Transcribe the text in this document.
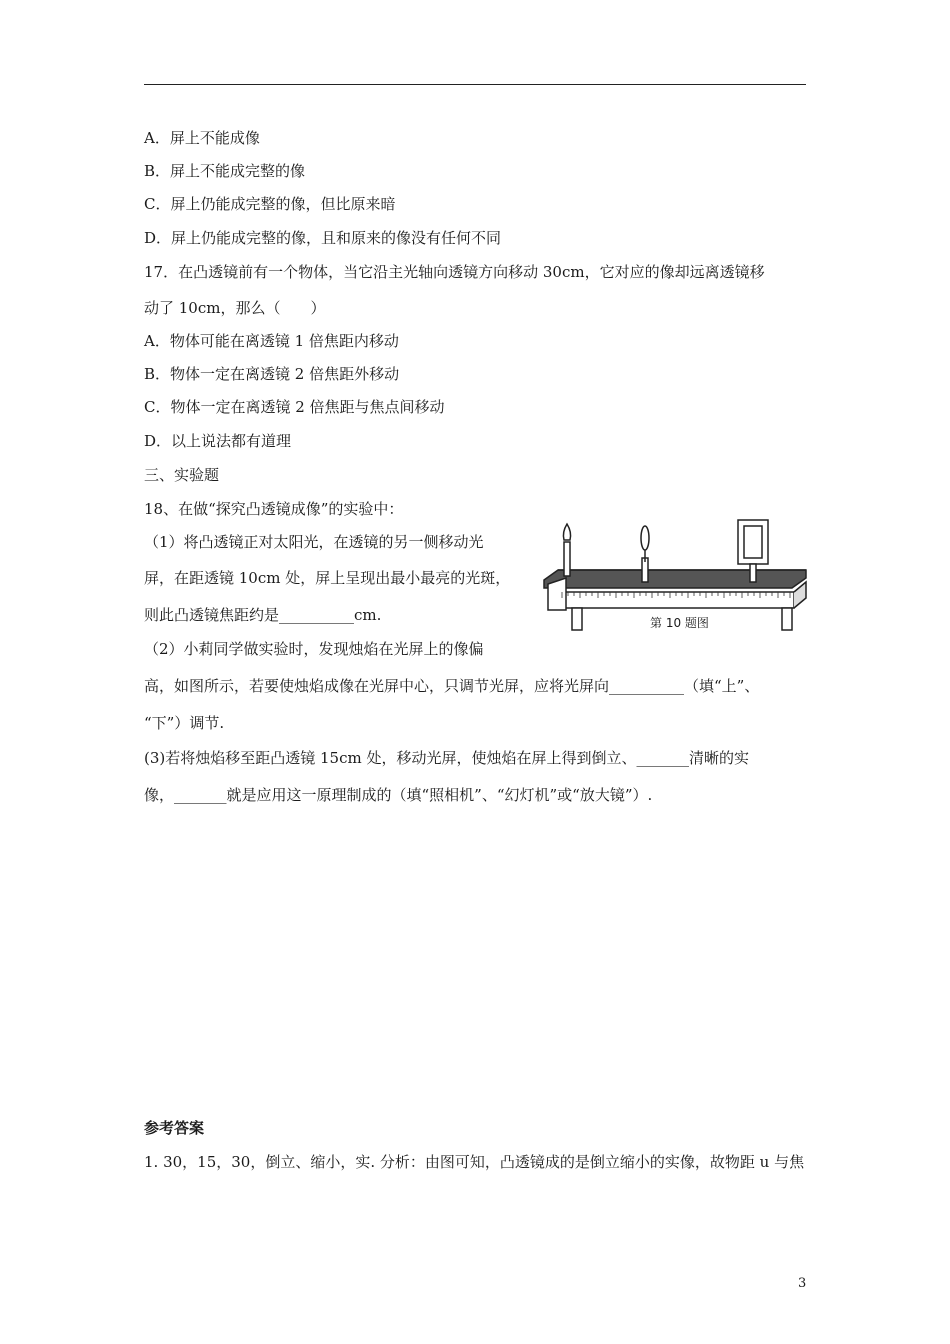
A．屏上不能成像
B．屏上不能成完整的像
C．屏上仍能成完整的像，但比原来暗
D．屏上仍能成完整的像，且和原来的像没有任何不同
17．在凸透镜前有一个物体，当它沿主光轴向透镜方向移动 30cm，它对应的像却远离透镜移
动了 10cm，那么（　　）
A．物体可能在离透镜 1 倍焦距内移动
B．物体一定在离透镜 2 倍焦距外移动
C．物体一定在离透镜 2 倍焦距与焦点间移动
D．以上说法都有道理
三、实验题
18、在做“探究凸透镜成像”的实验中：
（1）将凸透镜正对太阳光，在透镜的另一侧移动光
屏，在距透镜 10cm 处，屏上呈现出最小最亮的光斑，
则此凸透镜焦距约是__________cm.
（2）小莉同学做实验时，发现烛焰在光屏上的像偏
高，如图所示，若要使烛焰成像在光屏中心，只调节光屏，应将光屏向__________（填“上”、
“下”）调节.
(3)若将烛焰移至距凸透镜 15cm 处，移动光屏，使烛焰在屏上得到倒立、_______清晰的实
像，_______就是应用这一原理制成的（填“照相机”、“幻灯机”或“放大镜”）.
参考答案
1. 30，15，30，倒立、缩小，实. 分析：由图可知，凸透镜成的是倒立缩小的实像，故物距 u 与焦
第 10 题图
3
